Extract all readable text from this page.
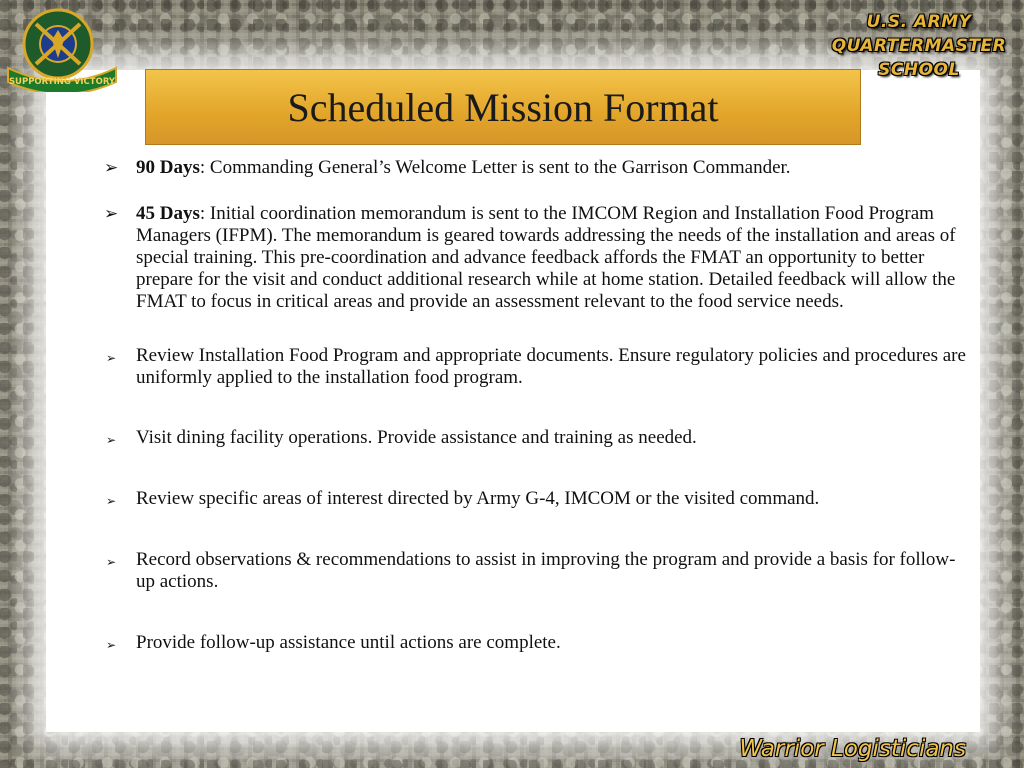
SUPPORTING VICTORY
U.S. ARMY
QUARTERMASTER
SCHOOL
Scheduled Mission Format
➢ 90 Days: Commanding General’s Welcome Letter is sent to the Garrison Commander.
➢ 45 Days: Initial coordination memorandum is sent to the IMCOM Region and Installation Food Program Managers (IFPM). The memorandum is geared towards addressing the needs of the installation and areas of special training. This pre-coordination and advance feedback affords the FMAT an opportunity to better prepare for the visit and conduct additional research while at home station. Detailed feedback will allow the FMAT to focus in critical areas and provide an assessment relevant to the food service needs.
➢ Review Installation Food Program and appropriate documents. Ensure regulatory policies and procedures are uniformly applied to the installation food program.
➢ Visit dining facility operations. Provide assistance and training as needed.
➢ Review specific areas of interest directed by Army G-4, IMCOM or the visited command.
➢ Record observations & recommendations to assist in improving the program and provide a basis for follow-up actions.
➢ Provide follow-up assistance until actions are complete.
Warrior Logisticians
